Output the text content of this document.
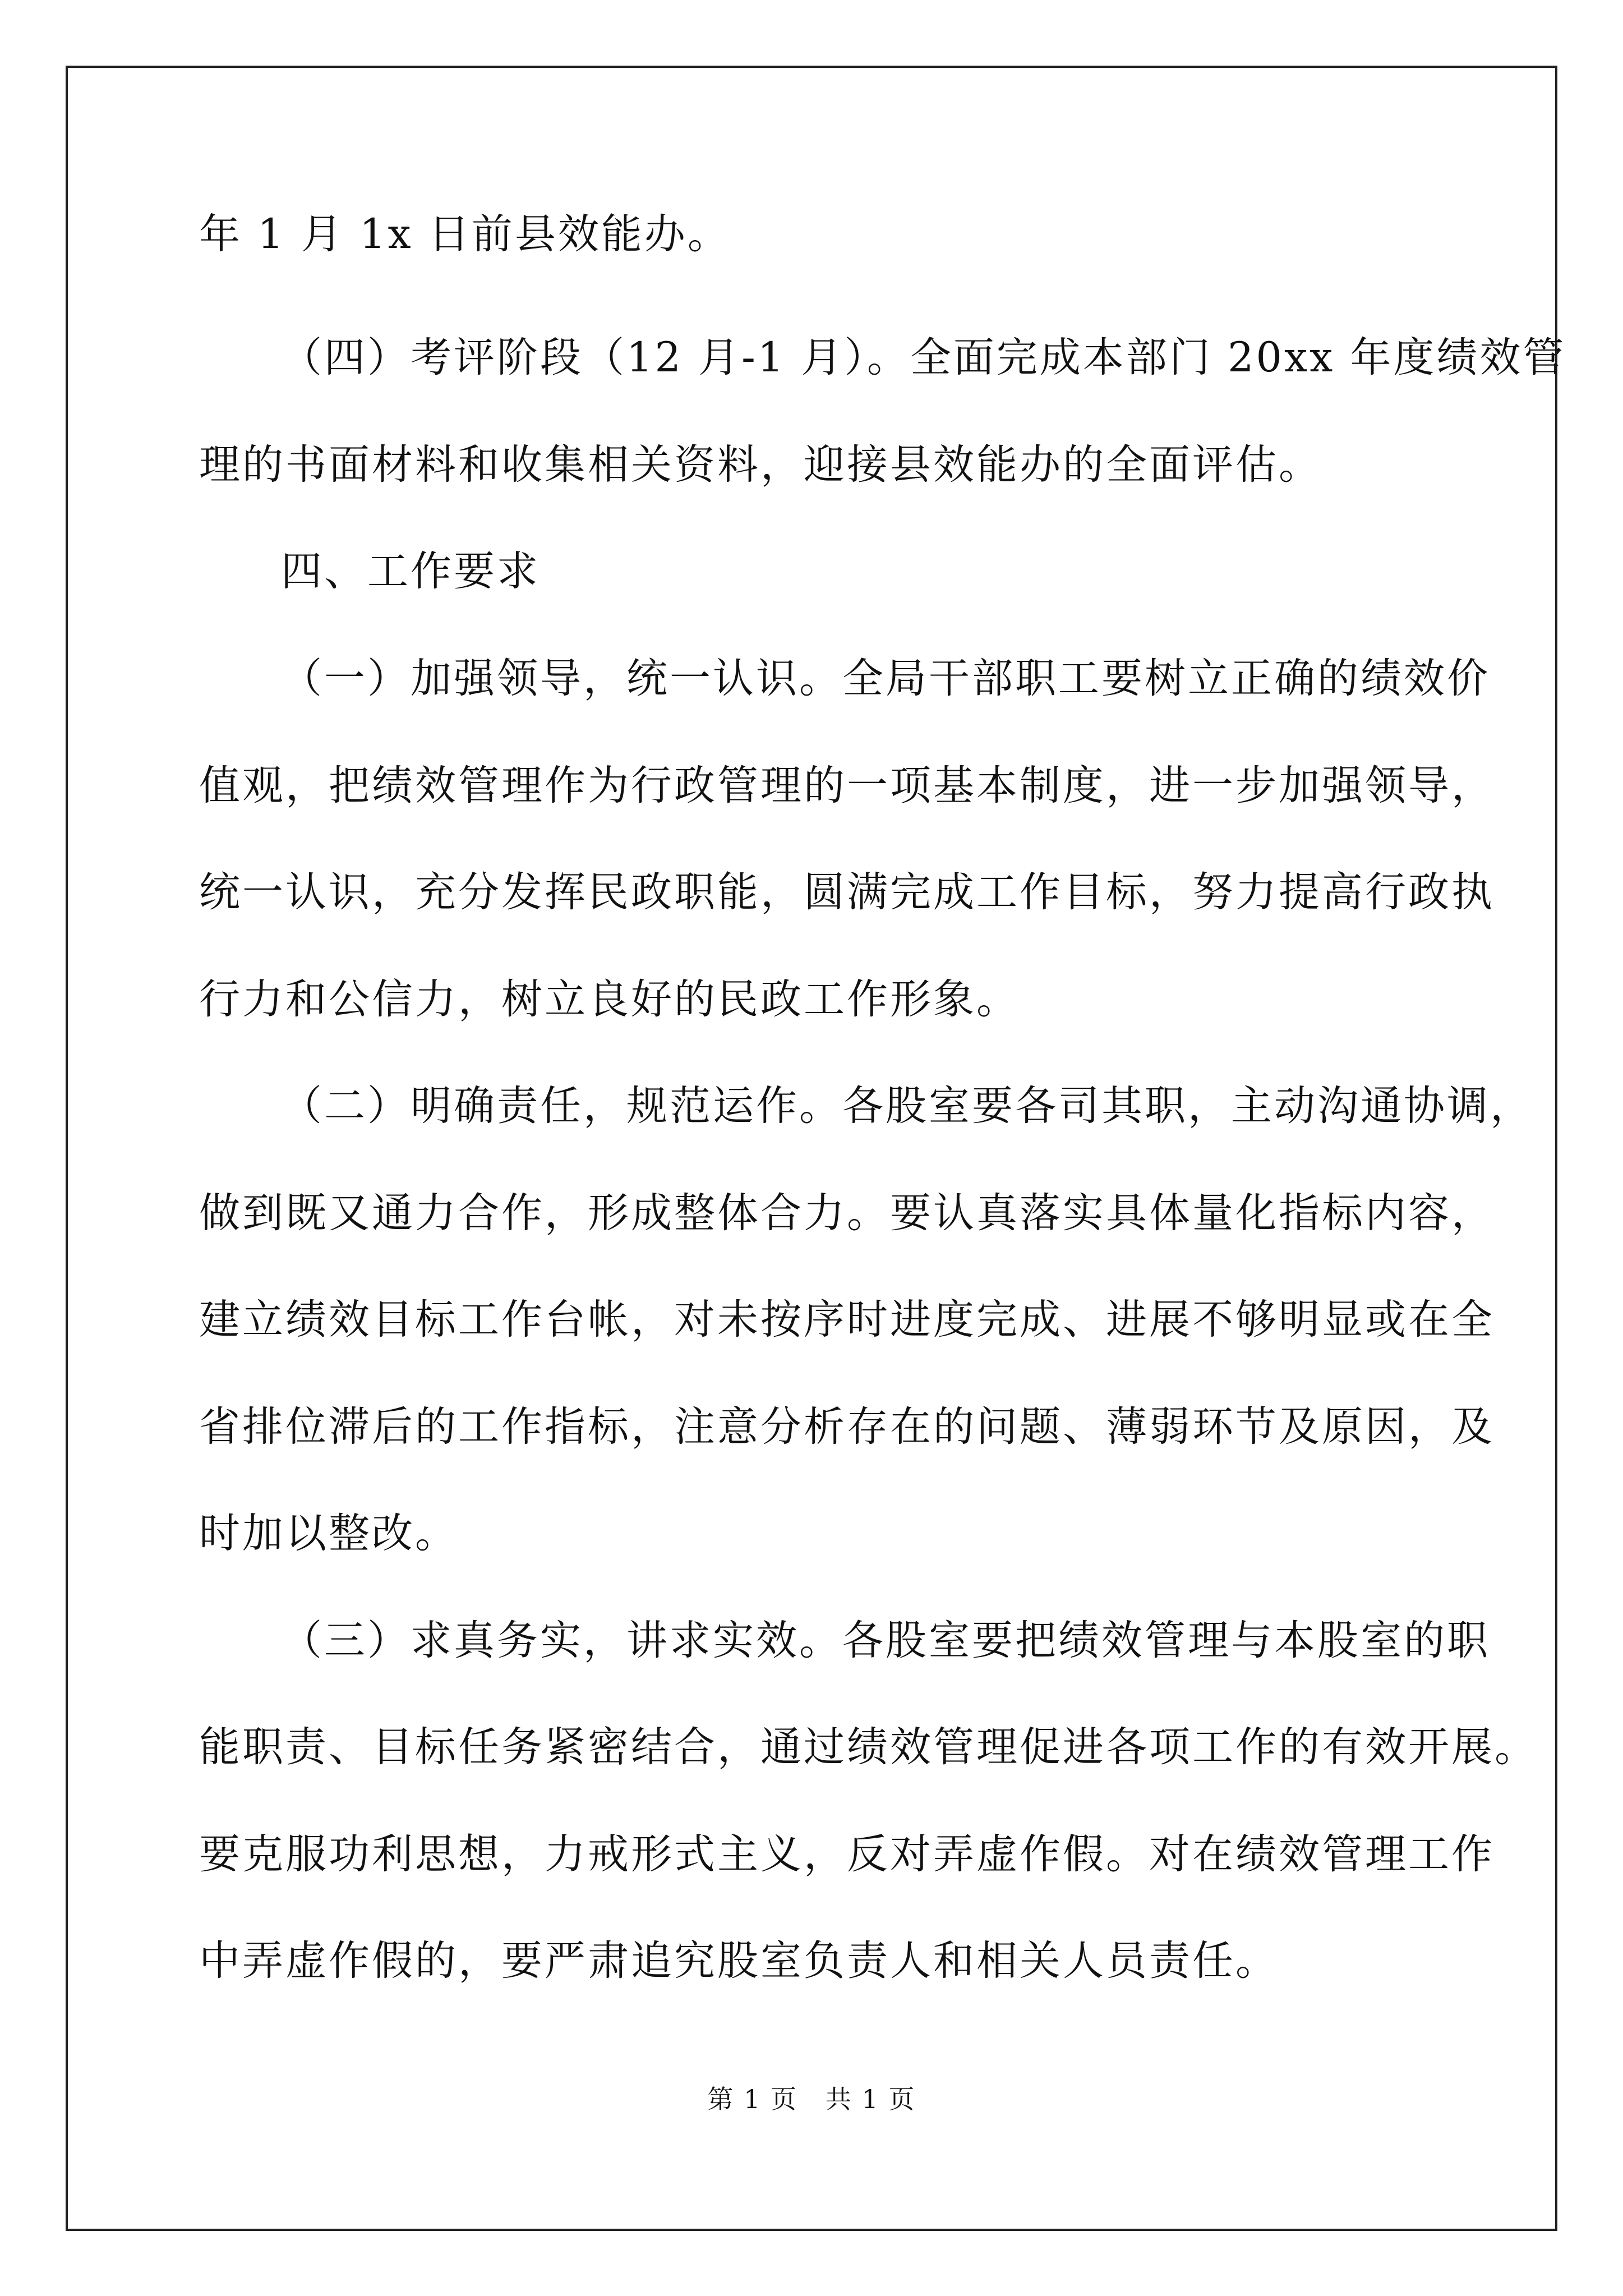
年 1 月 1x 日前县效能办。
（四）考评阶段（12 月-1 月）。全面完成本部门 20xx 年度绩效管
理的书面材料和收集相关资料，迎接县效能办的全面评估。
四、工作要求
（一）加强领导，统一认识。全局干部职工要树立正确的绩效价
值观，把绩效管理作为行政管理的一项基本制度，进一步加强领导，
统一认识，充分发挥民政职能，圆满完成工作目标，努力提高行政执
行力和公信力，树立良好的民政工作形象。
（二）明确责任，规范运作。各股室要各司其职，主动沟通协调，
做到既又通力合作，形成整体合力。要认真落实具体量化指标内容，
建立绩效目标工作台帐，对未按序时进度完成、进展不够明显或在全
省排位滞后的工作指标，注意分析存在的问题、薄弱环节及原因，及
时加以整改。
（三）求真务实，讲求实效。各股室要把绩效管理与本股室的职
能职责、目标任务紧密结合，通过绩效管理促进各项工作的有效开展。
要克服功利思想，力戒形式主义，反对弄虚作假。对在绩效管理工作
中弄虚作假的，要严肃追究股室负责人和相关人员责任。
第 1 页   共 1 页
